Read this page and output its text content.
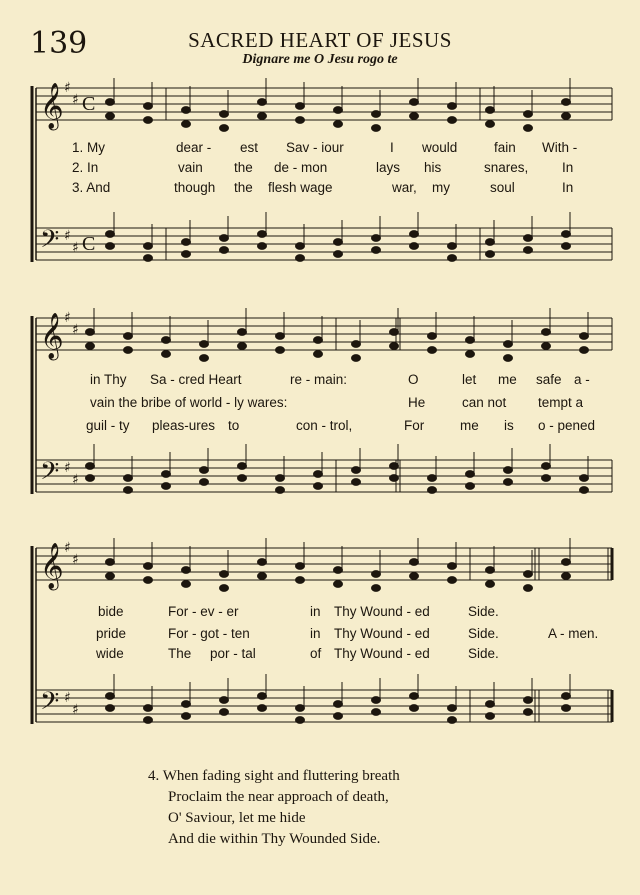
139	SACRED HEART OF JESUS
Dignare me O Jesu rogo te
𝄞
𝄢
♯
♯
♯
♯
C
C
𝄞
𝄢
♯
♯
♯
♯
𝄞
𝄢
♯
♯
♯
♯
1. My	dear - est Sav - iour	I would	fain With -
2. In	vain the de - mon	lays his	snares, In
3. And	though the flesh wage	war, my	soul	In
in Thy Sa - cred Heart	re - main:	O	let me safe a -
vain the bribe of world - ly wares:	He	can not tempt a
guil - ty pleas-ures to	con - trol,	For	me is o - pened
bide	For - ev - er	in Thy Wound - ed	Side.
pride	For - got - ten	in Thy Wound - ed	Side.	A - men.
wide	The por - tal	of Thy Wound - ed	Side.
4. When fading sight and fluttering breath
Proclaim the near approach of death,
O' Saviour, let me hide
And die within Thy Wounded Side.
